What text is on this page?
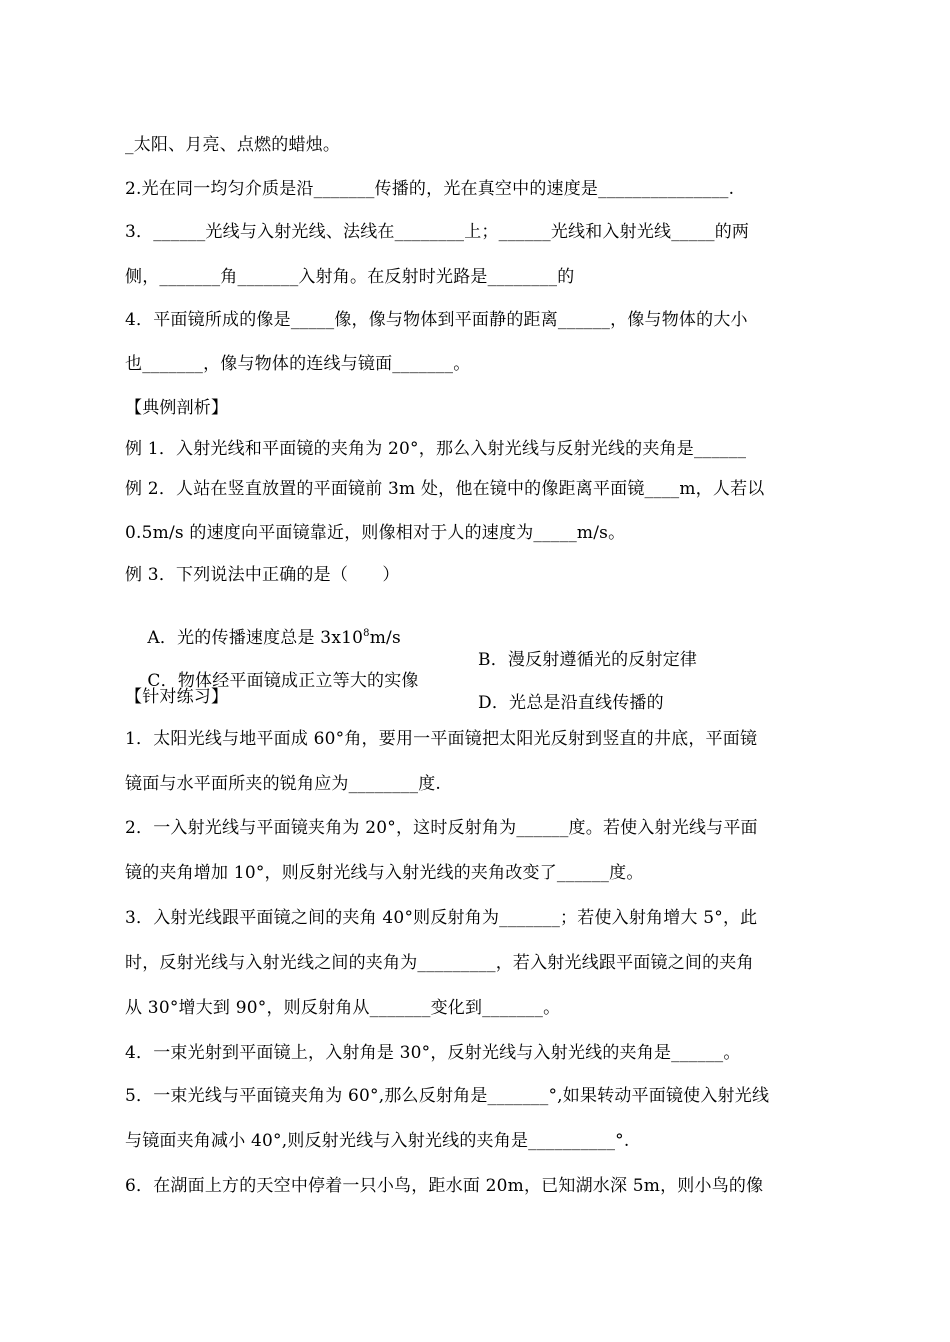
_太阳、月亮、点燃的蜡烛。
2.光在同一均匀介质是沿_______传播的，光在真空中的速度是_______________.
3．______光线与入射光线、法线在________上；______光线和入射光线_____的两
侧，_______角_______入射角。在反射时光路是________的
4．平面镜所成的像是_____像，像与物体到平面静的距离______，像与物体的大小
也_______，像与物体的连线与镜面_______。
【典例剖析】
例 1．入射光线和平面镜的夹角为 20°，那么入射光线与反射光线的夹角是______
例 2．人站在竖直放置的平面镜前 3m 处，他在镜中的像距离平面镜____m，人若以
0.5m/s 的速度向平面镜靠近，则像相对于人的速度为_____m/s。
例 3．下列说法中正确的是（　　）

A．光的传播速度总是 $3x10^8m/s$

B．漫反射遵循光的反射定律

C．物体经平面镜成正立等大的实像

D．光总是沿直线传播的

【针对练习】
1．太阳光线与地平面成 60°角，要用一平面镜把太阳光反射到竖直的井底，平面镜
镜面与水平面所夹的锐角应为________度.
2．一入射光线与平面镜夹角为 20°，这时反射角为______度。若使入射光线与平面
镜的夹角增加 10°，则反射光线与入射光线的夹角改变了______度。
3．入射光线跟平面镜之间的夹角 40°则反射角为_______；若使入射角增大 5°，此
时，反射光线与入射光线之间的夹角为_________，若入射光线跟平面镜之间的夹角
从 30°增大到 90°，则反射角从_______变化到_______。
4．一束光射到平面镜上，入射角是 30°，反射光线与入射光线的夹角是______。
5．一束光线与平面镜夹角为 60°,那么反射角是_______°,如果转动平面镜使入射光线
与镜面夹角减小 40°,则反射光线与入射光线的夹角是__________°.
6．在湖面上方的天空中停着一只小鸟，距水面 20m，已知湖水深 5m，则小鸟的像
